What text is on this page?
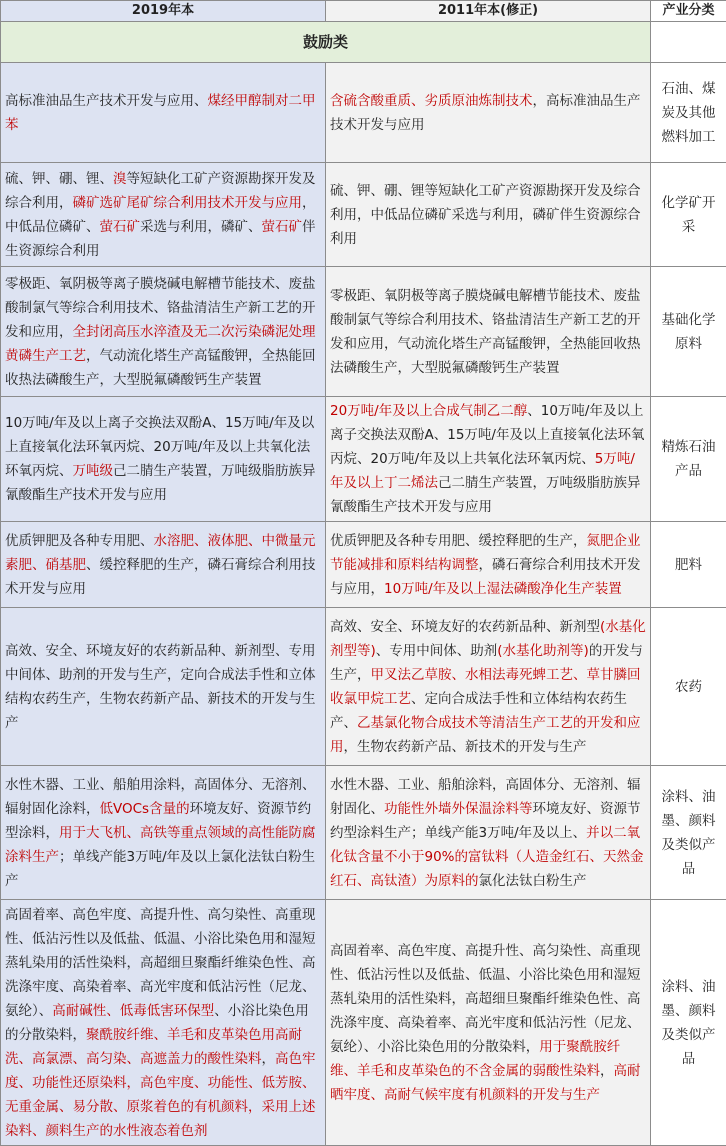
2019年本	2011年本(修正)	产业分类
鼓励类		
高标准油品生产技术开发与应用、煤经甲醇制对二甲苯	含硫含酸重质、劣质原油炼制技术，高标准油品生产技术开发与应用	石油、煤炭及其他燃料加工
硫、钾、硼、锂、溴等短缺化工矿产资源勘探开发及综合利用，磷矿选矿尾矿综合利用技术开发与应用，中低品位磷矿、萤石矿采选与利用，磷矿、萤石矿伴生资源综合利用	硫、钾、硼、锂等短缺化工矿产资源勘探开发及综合利用，中低品位磷矿采选与利用，磷矿伴生资源综合利用	化学矿开采
零极距、氧阴极等离子膜烧碱电解槽节能技术、废盐酸制氯气等综合利用技术、铬盐清洁生产新工艺的开发和应用，全封闭高压水淬渣及无二次污染磷泥处理黄磷生产工艺，气动流化塔生产高锰酸钾，全热能回收热法磷酸生产，大型脱氟磷酸钙生产装置	零极距、氧阴极等离子膜烧碱电解槽节能技术、废盐酸制氯气等综合利用技术、铬盐清洁生产新工艺的开发和应用，气动流化塔生产高锰酸钾，全热能回收热法磷酸生产，大型脱氟磷酸钙生产装置	基础化学原料
10万吨/年及以上离子交换法双酚A、15万吨/年及以上直接氧化法环氧丙烷、20万吨/年及以上共氧化法环氧丙烷、万吨级己二腈生产装置，万吨级脂肪族异氰酸酯生产技术开发与应用	20万吨/年及以上合成气制乙二醇、10万吨/年及以上离子交换法双酚A、15万吨/年及以上直接氧化法环氧丙烷、20万吨/年及以上共氧化法环氧丙烷、5万吨/年及以上丁二烯法己二腈生产装置，万吨级脂肪族异氰酸酯生产技术开发与应用	精炼石油产品
优质钾肥及各种专用肥、水溶肥、液体肥、中微量元素肥、硝基肥、缓控释肥的生产，磷石膏综合利用技术开发与应用	优质钾肥及各种专用肥、缓控释肥的生产，氮肥企业节能减排和原料结构调整，磷石膏综合利用技术开发与应用，10万吨/年及以上湿法磷酸净化生产装置	肥料
高效、安全、环境友好的农药新品种、新剂型、专用中间体、助剂的开发与生产，定向合成法手性和立体结构农药生产，生物农药新产品、新技术的开发与生产	高效、安全、环境友好的农药新品种、新剂型(水基化剂型等)、专用中间体、助剂(水基化助剂等)的开发与生产，甲叉法乙草胺、水相法毒死蜱工艺、草甘膦回收氯甲烷工艺、定向合成法手性和立体结构农药生产、乙基氯化物合成技术等清洁生产工艺的开发和应用，生物农药新产品、新技术的开发与生产	农药
水性木器、工业、船舶用涂料，高固体分、无溶剂、辐射固化涂料，低VOCs含量的环境友好、资源节约型涂料，用于大飞机、高铁等重点领域的高性能防腐涂料生产；单线产能3万吨/年及以上氯化法钛白粉生产	水性木器、工业、船舶涂料，高固体分、无溶剂、辐射固化、功能性外墙外保温涂料等环境友好、资源节约型涂料生产；单线产能3万吨/年及以上、并以二氧化钛含量不小于90%的富钛料（人造金红石、天然金红石、高钛渣）为原料的氯化法钛白粉生产	涂料、油墨、颜料及类似产品
高固着率、高色牢度、高提升性、高匀染性、高重现性、低沾污性以及低盐、低温、小浴比染色用和湿短蒸轧染用的活性染料，高超细旦聚酯纤维染色性、高洗涤牢度、高染着率、高光牢度和低沾污性（尼龙、氨纶）、高耐碱性、低毒低害环保型、小浴比染色用的分散染料，聚酰胺纤维、羊毛和皮革染色用高耐洗、高氯漂、高匀染、高遮盖力的酸性染料，高色牢度、功能性还原染料，高色牢度、功能性、低芳胺、无重金属、易分散、原浆着色的有机颜料，采用上述染料、颜料生产的水性液态着色剂	高固着率、高色牢度、高提升性、高匀染性、高重现性、低沾污性以及低盐、低温、小浴比染色用和湿短蒸轧染用的活性染料，高超细旦聚酯纤维染色性、高洗涤牢度、高染着率、高光牢度和低沾污性（尼龙、氨纶）、小浴比染色用的分散染料，用于聚酰胺纤维、羊毛和皮革染色的不含金属的弱酸性染料，高耐晒牢度、高耐气候牢度有机颜料的开发与生产	涂料、油墨、颜料及类似产品
